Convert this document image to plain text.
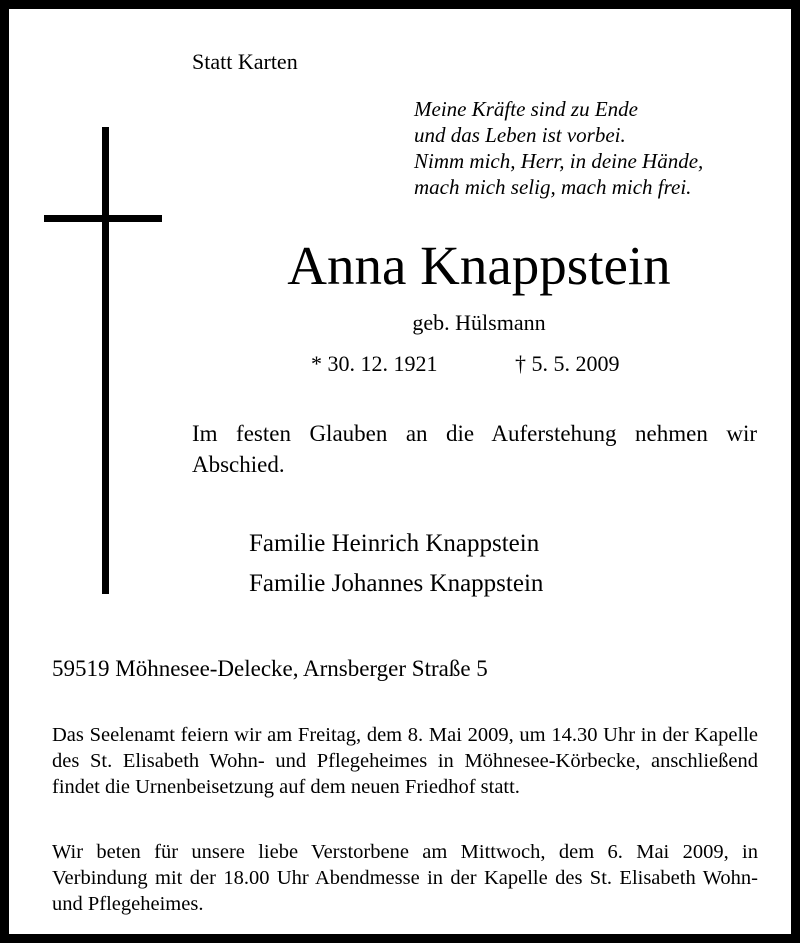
Statt Karten
Meine Kräfte sind zu Ende
und das Leben ist vorbei.
Nimm mich, Herr, in deine Hände,
mach mich selig, mach mich frei.
Anna Knappstein
geb. Hülsmann
* 30. 12. 1921	† 5. 5. 2009
Im festen Glauben an die Auferstehung nehmen wir Abschied.
Familie Heinrich Knappstein
Familie Johannes Knappstein
59519 Möhnesee-Delecke, Arnsberger Straße 5
Das Seelenamt feiern wir am Freitag, dem 8. Mai 2009, um 14.30 Uhr in der Kapelle des St. Elisabeth Wohn- und Pflegeheimes in Möhnesee-Körbecke, anschließend findet die Urnenbeisetzung auf dem neuen Friedhof statt.
Wir beten für unsere liebe Verstorbene am Mittwoch, dem 6. Mai 2009, in Verbindung mit der 18.00 Uhr Abendmesse in der Kapelle des St. Elisabeth Wohn- und Pflegeheimes.
